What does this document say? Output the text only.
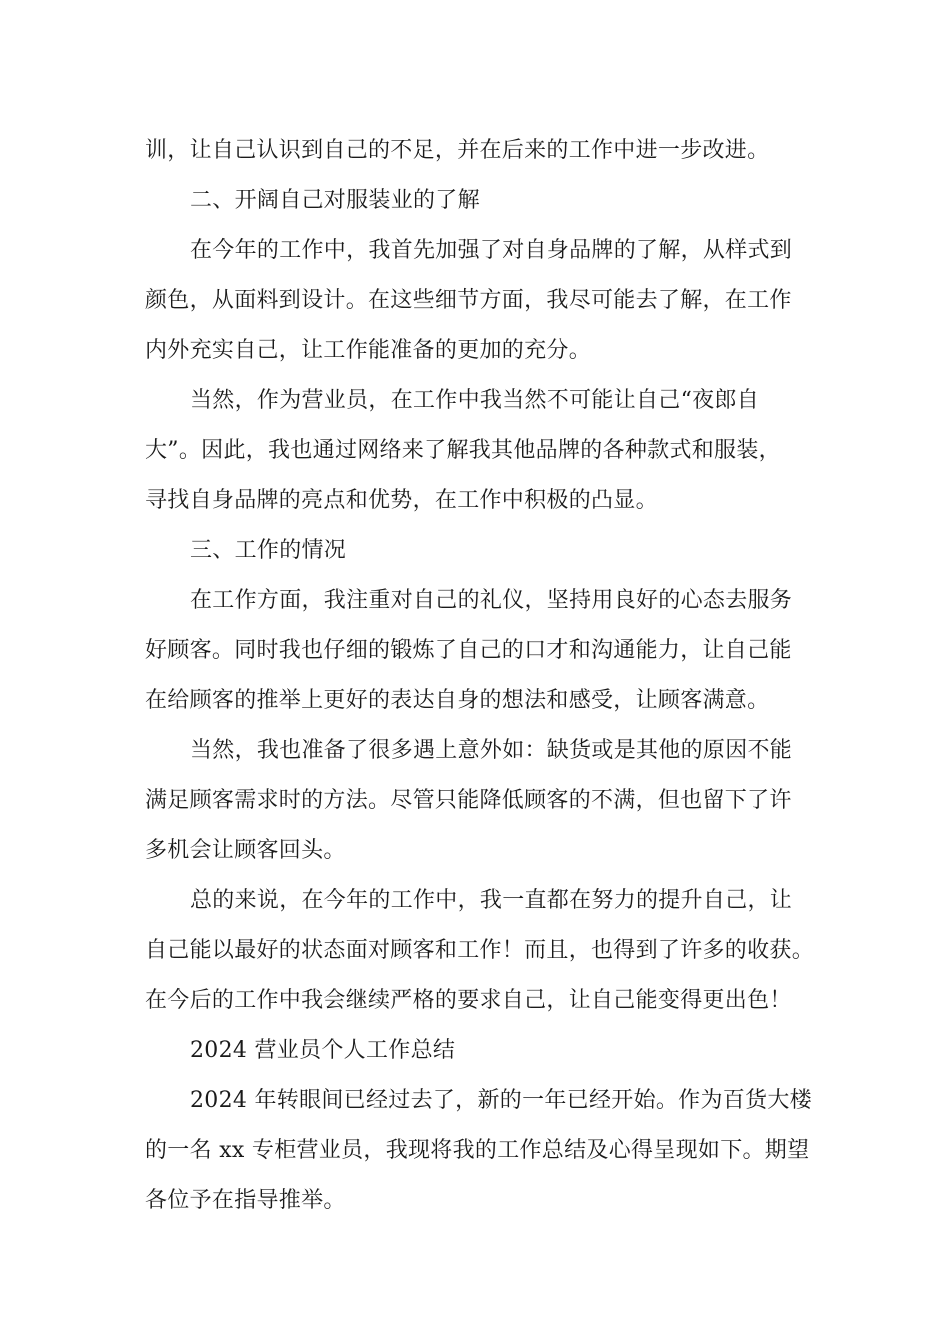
训，让自己认识到自己的不足，并在后来的工作中进一步改进。
二、开阔自己对服装业的了解
在今年的工作中，我首先加强了对自身品牌的了解，从样式到
颜色，从面料到设计。在这些细节方面，我尽可能去了解，在工作
内外充实自己，让工作能准备的更加的充分。
当然，作为营业员，在工作中我当然不可能让自己“夜郎自
大”。因此，我也通过网络来了解我其他品牌的各种款式和服装，
寻找自身品牌的亮点和优势，在工作中积极的凸显。
三、工作的情况
在工作方面，我注重对自己的礼仪，坚持用良好的心态去服务
好顾客。同时我也仔细的锻炼了自己的口才和沟通能力，让自己能
在给顾客的推举上更好的表达自身的想法和感受，让顾客满意。
当然，我也准备了很多遇上意外如：缺货或是其他的原因不能
满足顾客需求时的方法。尽管只能降低顾客的不满，但也留下了许
多机会让顾客回头。
总的来说，在今年的工作中，我一直都在努力的提升自己，让
自己能以最好的状态面对顾客和工作！而且，也得到了许多的收获。
在今后的工作中我会继续严格的要求自己，让自己能变得更出色！
2024 营业员个人工作总结
2024 年转眼间已经过去了，新的一年已经开始。作为百货大楼
的一名 xx 专柜营业员，我现将我的工作总结及心得呈现如下。期望
各位予在指导推举。
